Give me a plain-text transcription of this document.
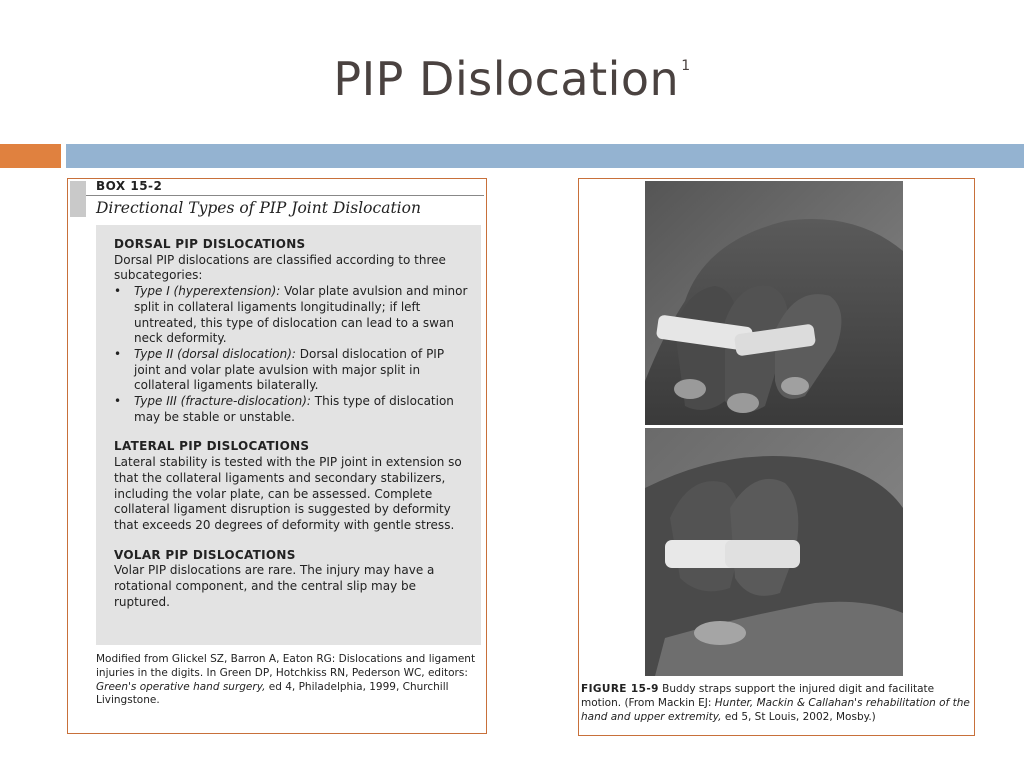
PIP Dislocation $^1$
BOX 15-2
Directional Types of PIP Joint Dislocation
DORSAL PIP DISLOCATIONS
Dorsal PIP dislocations are classified according to three subcategories:
•	Type I (hyperextension): Volar plate avulsion and minor split in collateral ligaments longitudinally; if left untreated, this type of dislocation can lead to a swan neck deformity.
•	Type II (dorsal dislocation): Dorsal dislocation of PIP joint and volar plate avulsion with major split in collateral ligaments bilaterally.
•	Type III (fracture-dislocation): This type of dislocation may be stable or unstable.
LATERAL PIP DISLOCATIONS
Lateral stability is tested with the PIP joint in extension so that the collateral ligaments and secondary stabilizers, including the volar plate, can be assessed. Complete collateral ligament disruption is suggested by deformity that exceeds 20 degrees of deformity with gentle stress.
VOLAR PIP DISLOCATIONS
Volar PIP dislocations are rare. The injury may have a rotational component, and the central slip may be ruptured.
Modified from Glickel SZ, Barron A, Eaton RG: Dislocations and ligament injuries in the digits. In Green DP, Hotchkiss RN, Pederson WC, editors: Green's operative hand surgery, ed 4, Philadelphia, 1999, Churchill Livingstone.
FIGURE 15-9 Buddy straps support the injured digit and facilitate motion. (From Mackin EJ: Hunter, Mackin & Callahan's rehabilitation of the hand and upper extremity, ed 5, St Louis, 2002, Mosby.)
